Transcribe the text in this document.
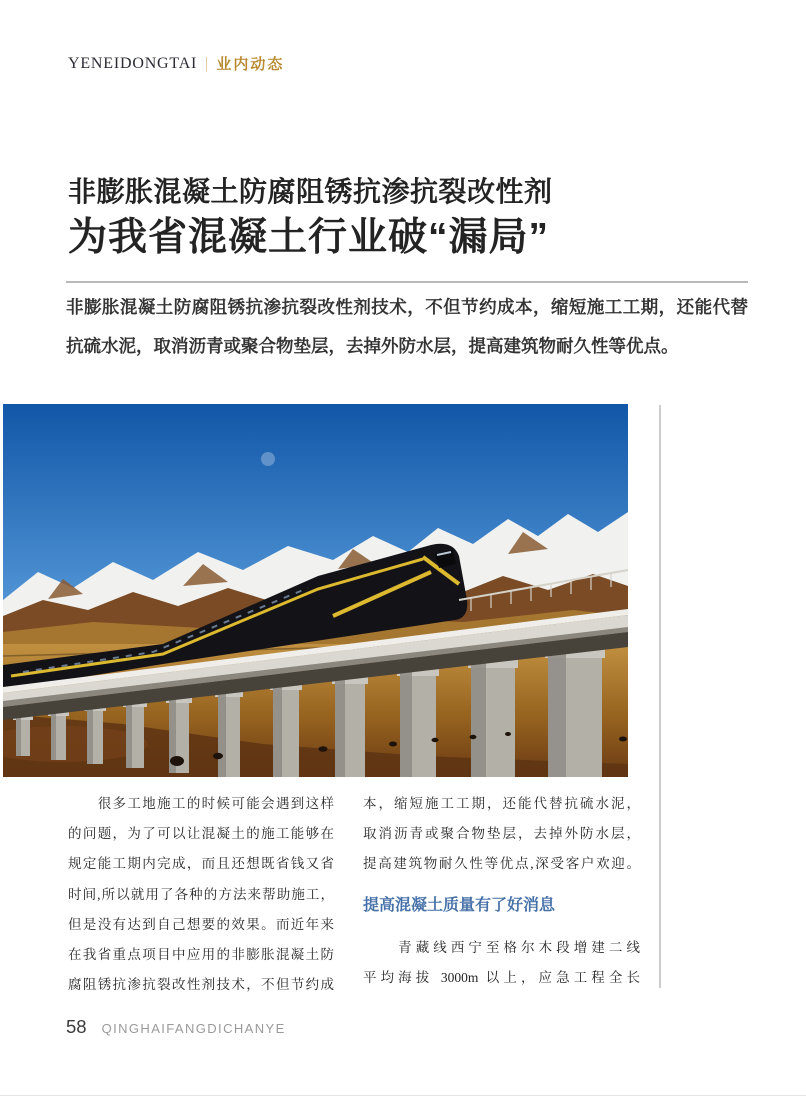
YENEIDONGTAI | 业内动态
非膨胀混凝土防腐阻锈抗渗抗裂改性剂
为我省混凝土行业破“漏局”

非膨胀混凝土防腐阻锈抗渗抗裂改性剂技术，不但节约成本，缩短施工工期，还能代替抗硫水泥，取消沥青或聚合物垫层，去掉外防水层，提高建筑物耐久性等优点。

　　很多工地施工的时候可能会遇到这样
的问题，为了可以让混凝土的施工能够在
规定能工期内完成，而且还想既省钱又省
时间,所以就用了各种的方法来帮助施工，
但是没有达到自己想要的效果。而近年来
在我省重点项目中应用的非膨胀混凝土防
腐阻锈抗渗抗裂改性剂技术，不但节约成
本，缩短施工工期，还能代替抗硫水泥，
取消沥青或聚合物垫层，去掉外防水层，
提高建筑物耐久性等优点,深受客户欢迎。
提高混凝土质量有了好消息
　　青藏线西宁至格尔木段增建二线
平均海拔 3000m 以上，应急工程全长
58 QINGHAIFANGDICHANYE
